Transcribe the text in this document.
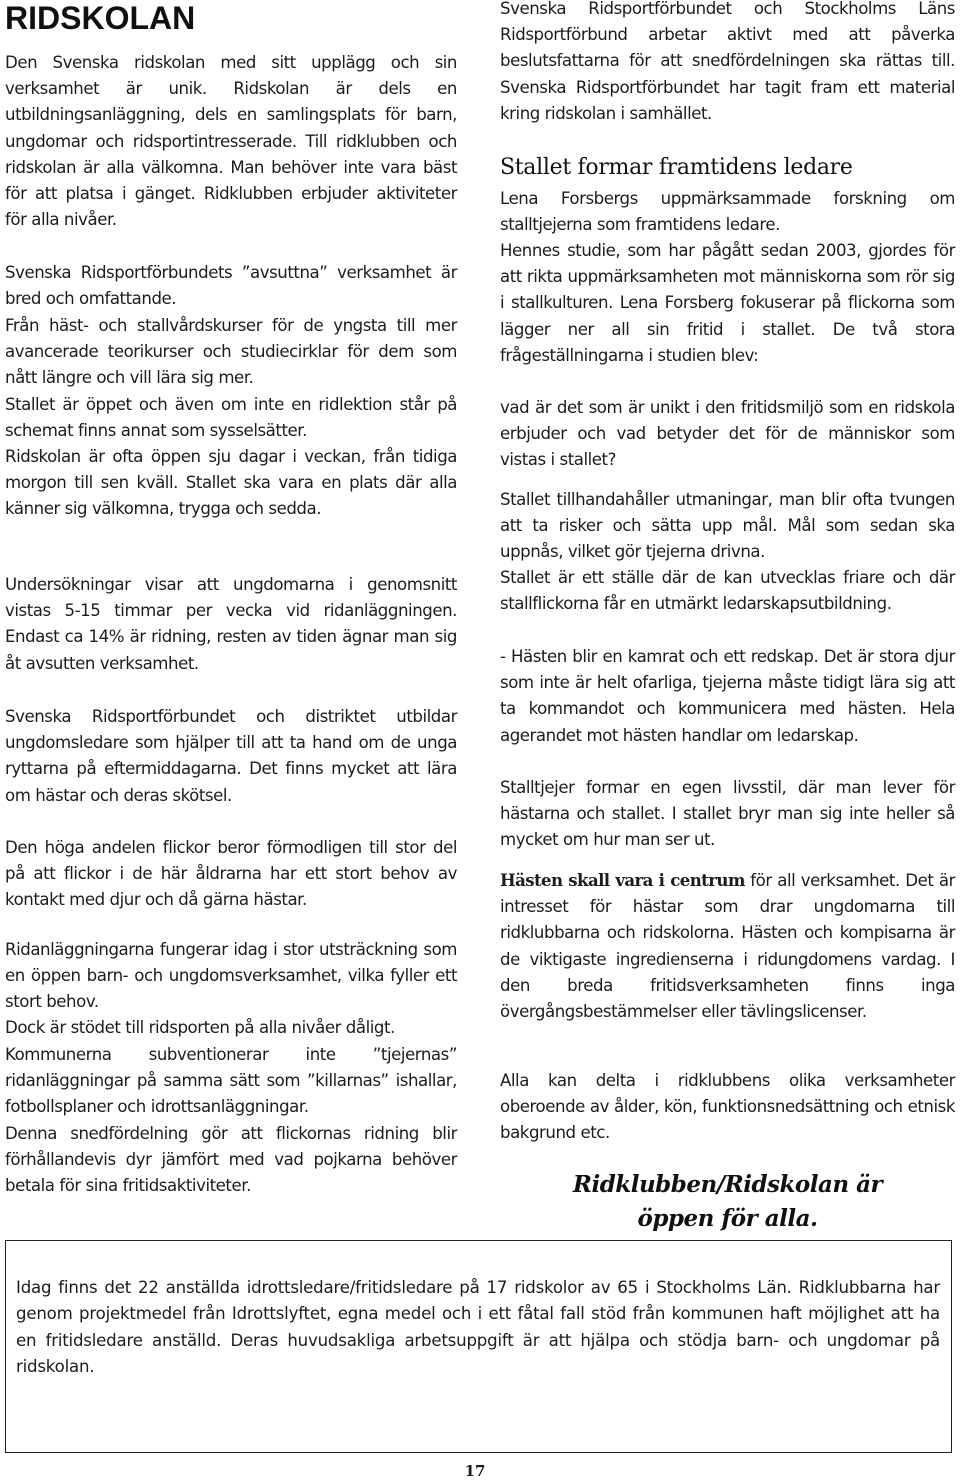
RIDSKOLAN

Den Svenska ridskolan med sitt upplägg och sin verksamhet är unik. Ridskolan är dels en utbildningsanläggning, dels en samlingsplats för barn, ungdomar och ridsportintresserade. Till ridklubben och ridskolan är alla välkomna. Man behöver inte vara bäst för att platsa i gänget. Ridklubben erbjuder aktiviteter för alla nivåer.

Svenska Ridsportförbundets ”avsuttna” verksamhet är bred och omfattande.

Från häst- och stallvårdskurser för de yngsta till mer avancerade teorikurser och studiecirklar för dem som nått längre och vill lära sig mer.

Stallet är öppet och även om inte en ridlektion står på schemat finns annat som sysselsätter.

Ridskolan är ofta öppen sju dagar i veckan, från tidiga morgon till sen kväll. Stallet ska vara en plats där alla känner sig välkomna, trygga och sedda.

Undersökningar visar att ungdomarna i genomsnitt vistas 5-15 timmar per vecka vid ridanläggningen. Endast ca 14% är ridning, resten av tiden ägnar man sig åt avsutten verksamhet.

Svenska Ridsportförbundet och distriktet utbildar ungdomsledare som hjälper till att ta hand om de unga ryttarna på eftermiddagarna. Det finns mycket att lära om hästar och deras skötsel.

Den höga andelen flickor beror förmodligen till stor del på att flickor i de här åldrarna har ett stort behov av kontakt med djur och då gärna hästar.

Ridanläggningarna fungerar idag i stor utsträckning som en öppen barn- och ungdomsverksamhet, vilka fyller ett stort behov.

Dock är stödet till ridsporten på alla nivåer dåligt.

Kommunerna subventionerar inte ”tjejernas” ridanläggningar på samma sätt som ”killarnas” ishallar, fotbollsplaner och idrottsanläggningar.

Denna snedfördelning gör att flickornas ridning blir förhållandevis dyr jämfört med vad pojkarna behöver betala för sina fritidsaktiviteter.

Svenska Ridsportförbundet och Stockholms Läns Ridsportförbund arbetar aktivt med att påverka beslutsfattarna för att snedfördelningen ska rättas till. Svenska Ridsportförbundet har tagit fram ett material kring ridskolan i samhället.

Stallet formar framtidens ledare

Lena Forsbergs uppmärksammade forskning om stalltjejerna som framtidens ledare.

Hennes studie, som har pågått sedan 2003, gjordes för att rikta uppmärksamheten mot människorna som rör sig i stallkulturen. Lena Forsberg fokuserar på flickorna som lägger ner all sin fritid i stallet. De två stora frågeställningarna i studien blev:

vad är det som är unikt i den fritidsmiljö som en ridskola erbjuder och vad betyder det för de människor som vistas i stallet?

Stallet tillhandahåller utmaningar, man blir ofta tvungen att ta risker och sätta upp mål. Mål som sedan ska uppnås, vilket gör tjejerna drivna.

Stallet är ett ställe där de kan utvecklas friare och där stallflickorna får en utmärkt ledarskapsutbildning.

- Hästen blir en kamrat och ett redskap. Det är stora djur som inte är helt ofarliga, tjejerna måste tidigt lära sig att ta kommandot och kommunicera med hästen. Hela agerandet mot hästen handlar om ledarskap.

Stalltjejer formar en egen livsstil, där man lever för hästarna och stallet. I stallet bryr man sig inte heller så mycket om hur man ser ut.

Hästen skall vara i centrum för all verksamhet. Det är intresset för hästar som drar ungdomarna till ridklubbarna och ridskolorna. Hästen och kompisarna är de viktigaste ingredienserna i ridungdomens vardag. I den breda fritidsverksamheten finns inga övergångsbestämmelser eller tävlingslicenser.

Alla kan delta i ridklubbens olika verksamheter oberoende av ålder, kön, funktionsnedsättning och etnisk bakgrund etc.

Ridklubben/Ridskolan är
öppen för alla.

Idag finns det 22 anställda idrottsledare/fritidsledare på 17 ridskolor av 65 i Stockholms Län. Ridklubbarna har genom projektmedel från Idrottslyftet, egna medel och i ett fåtal fall stöd från kommunen haft möjlighet att ha en fritidsledare anställd. Deras huvudsakliga arbetsuppgift är att hjälpa och stödja barn- och ungdomar på ridskolan.

17
